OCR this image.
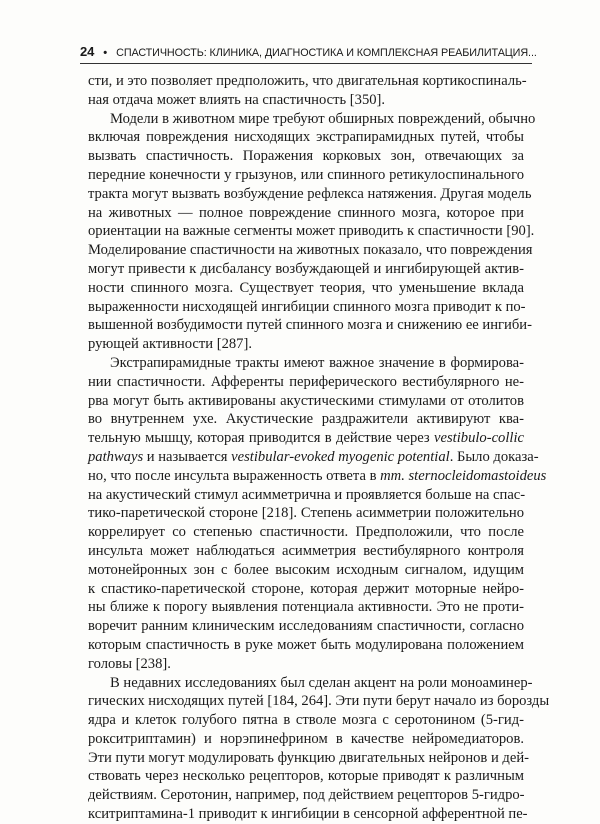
24 • СПАСТИЧНОСТЬ: КЛИНИКА, ДИАГНОСТИКА И КОМПЛЕКСНАЯ РЕАБИЛИТАЦИЯ...
сти, и это позволяет предположить, что двигательная кортикоспиналь-
ная отдача может влиять на спастичность [350].
Модели в животном мире требуют обширных повреждений, обычно
включая повреждения нисходящих экстрапирамидных путей, чтобы
вызвать спастичность. Поражения корковых зон, отвечающих за
передние конечности у грызунов, или спинного ретикулоспинального
тракта могут вызвать возбуждение рефлекса натяжения. Другая модель
на животных — полное повреждение спинного мозга, которое при
ориентации на важные сегменты может приводить к спастичности [90].
Моделирование спастичности на животных показало, что повреждения
могут привести к дисбалансу возбуждающей и ингибирующей актив-
ности спинного мозга. Существует теория, что уменьшение вклада
выраженности нисходящей ингибиции спинного мозга приводит к по-
вышенной возбудимости путей спинного мозга и снижению ее ингиби-
рующей активности [287].
Экстрапирамидные тракты имеют важное значение в формирова-
нии спастичности. Афференты периферического вестибулярного не-
рва могут быть активированы акустическими стимулами от отолитов
во внутреннем ухе. Акустические раздражители активируют ква-
тельную мышцу, которая приводится в действие через vestibulo-collic
pathways и называется vestibular-evoked myogenic potential. Было доказа-
но, что после инсульта выраженность ответа в mm. sternocleidomastoideus
на акустический стимул асимметрична и проявляется больше на спас-
тико-паретической стороне [218]. Степень асимметрии положительно
коррелирует со степенью спастичности. Предположили, что после
инсульта может наблюдаться асимметрия вестибулярного контроля
мотонейронных зон с более высоким исходным сигналом, идущим
к спастико-паретической стороне, которая держит моторные нейро-
ны ближе к порогу выявления потенциала активности. Это не проти-
воречит ранним клиническим исследованиям спастичности, согласно
которым спастичность в руке может быть модулирована положением
головы [238].
В недавних исследованиях был сделан акцент на роли моноаминер-
гических нисходящих путей [184, 264]. Эти пути берут начало из борозды
ядра и клеток голубого пятна в стволе мозга с серотонином (5-гид-
рокситриптамин) и норэпинефрином в качестве нейромедиаторов.
Эти пути могут модулировать функцию двигательных нейронов и дей-
ствовать через несколько рецепторов, которые приводят к различным
действиям. Серотонин, например, под действием рецепторов 5-гидро-
кситриптамина-1 приводит к ингибиции в сенсорной афферентной пе-
